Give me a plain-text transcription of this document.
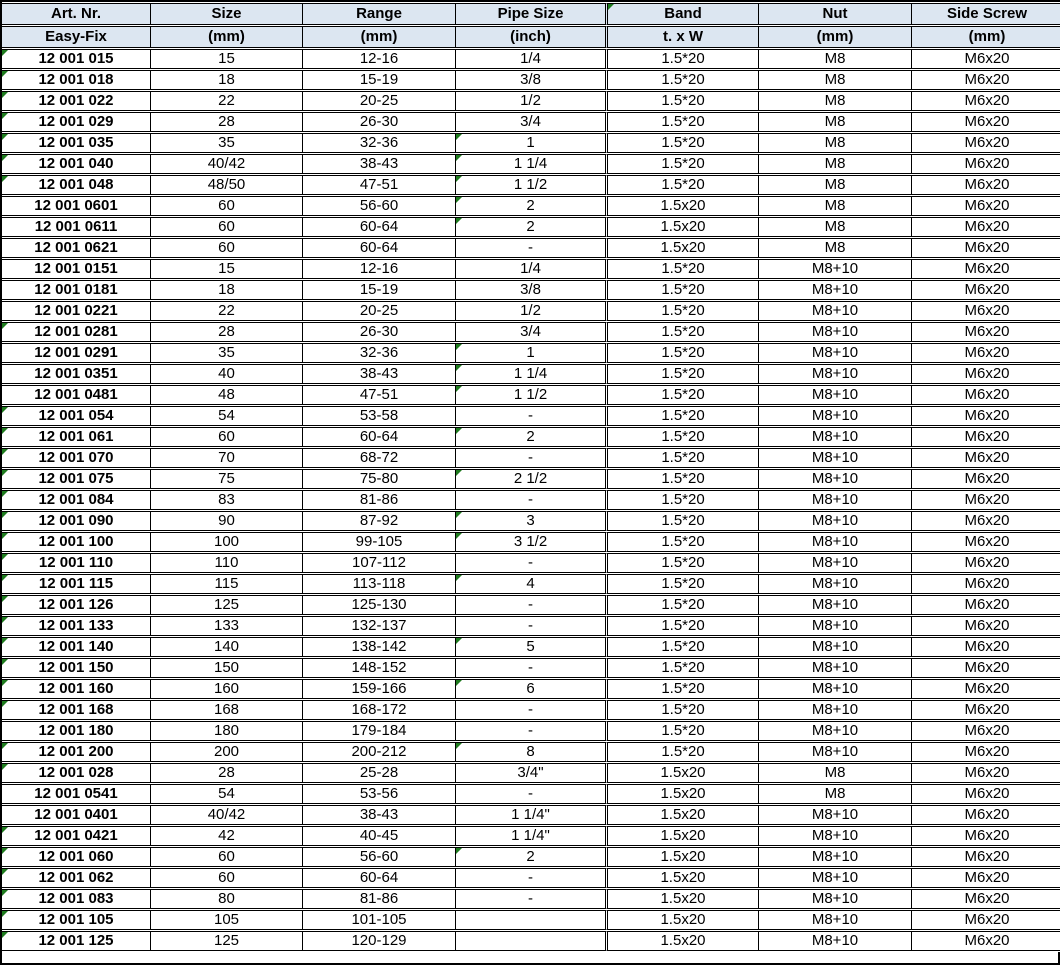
Art. Nr.	Size	Range	Pipe Size	Band	Nut	Side Screw
Easy-Fix	(mm)	(mm)	(inch)	t. x W	(mm)	(mm)

12 001 015	15	12-16	1/4	1.5*20	M8	M6x20

12 001 018	18	15-19	3/8	1.5*20	M8	M6x20

12 001 022	22	20-25	1/2	1.5*20	M8	M6x20

12 001 029	28	26-30	3/4	1.5*20	M8	M6x20

12 001 035	35	32-36	1	1.5*20	M8	M6x20

12 001 040	40/42	38-43	1 1/4	1.5*20	M8	M6x20

12 001 048	48/50	47-51	1 1/2	1.5*20	M8	M6x20
12 001 0601	60	56-60	2	1.5x20	M8	M6x20
12 001 0611	60	60-64	2	1.5x20	M8	M6x20
12 001 0621	60	60-64	-	1.5x20	M8	M6x20
12 001 0151	15	12-16	1/4	1.5*20	M8+10	M6x20
12 001 0181	18	15-19	3/8	1.5*20	M8+10	M6x20
12 001 0221	22	20-25	1/2	1.5*20	M8+10	M6x20

12 001 0281	28	26-30	3/4	1.5*20	M8+10	M6x20
12 001 0291	35	32-36	1	1.5*20	M8+10	M6x20
12 001 0351	40	38-43	1 1/4	1.5*20	M8+10	M6x20
12 001 0481	48	47-51	1 1/2	1.5*20	M8+10	M6x20

12 001 054	54	53-58	-	1.5*20	M8+10	M6x20

12 001 061	60	60-64	2	1.5*20	M8+10	M6x20

12 001 070	70	68-72	-	1.5*20	M8+10	M6x20

12 001 075	75	75-80	2 1/2	1.5*20	M8+10	M6x20

12 001 084	83	81-86	-	1.5*20	M8+10	M6x20

12 001 090	90	87-92	3	1.5*20	M8+10	M6x20

12 001 100	100	99-105	3 1/2	1.5*20	M8+10	M6x20

12 001 110	110	107-112	-	1.5*20	M8+10	M6x20

12 001 115	115	113-118	4	1.5*20	M8+10	M6x20

12 001 126	125	125-130	-	1.5*20	M8+10	M6x20

12 001 133	133	132-137	-	1.5*20	M8+10	M6x20

12 001 140	140	138-142	5	1.5*20	M8+10	M6x20

12 001 150	150	148-152	-	1.5*20	M8+10	M6x20

12 001 160	160	159-166	6	1.5*20	M8+10	M6x20

12 001 168	168	168-172	-	1.5*20	M8+10	M6x20
12 001 180	180	179-184	-	1.5*20	M8+10	M6x20

12 001 200	200	200-212	8	1.5*20	M8+10	M6x20

12 001 028	28	25-28	3/4"	1.5x20	M8	M6x20
12 001 0541	54	53-56	-	1.5x20	M8	M6x20
12 001 0401	40/42	38-43	1 1/4"	1.5x20	M8+10	M6x20

12 001 0421	42	40-45	1 1/4"	1.5x20	M8+10	M6x20

12 001 060	60	56-60	2	1.5x20	M8+10	M6x20

12 001 062	60	60-64	-	1.5x20	M8+10	M6x20

12 001 083	80	81-86	-	1.5x20	M8+10	M6x20

12 001 105	105	101-105		1.5x20	M8+10	M6x20

12 001 125	125	120-129		1.5x20	M8+10	M6x20
